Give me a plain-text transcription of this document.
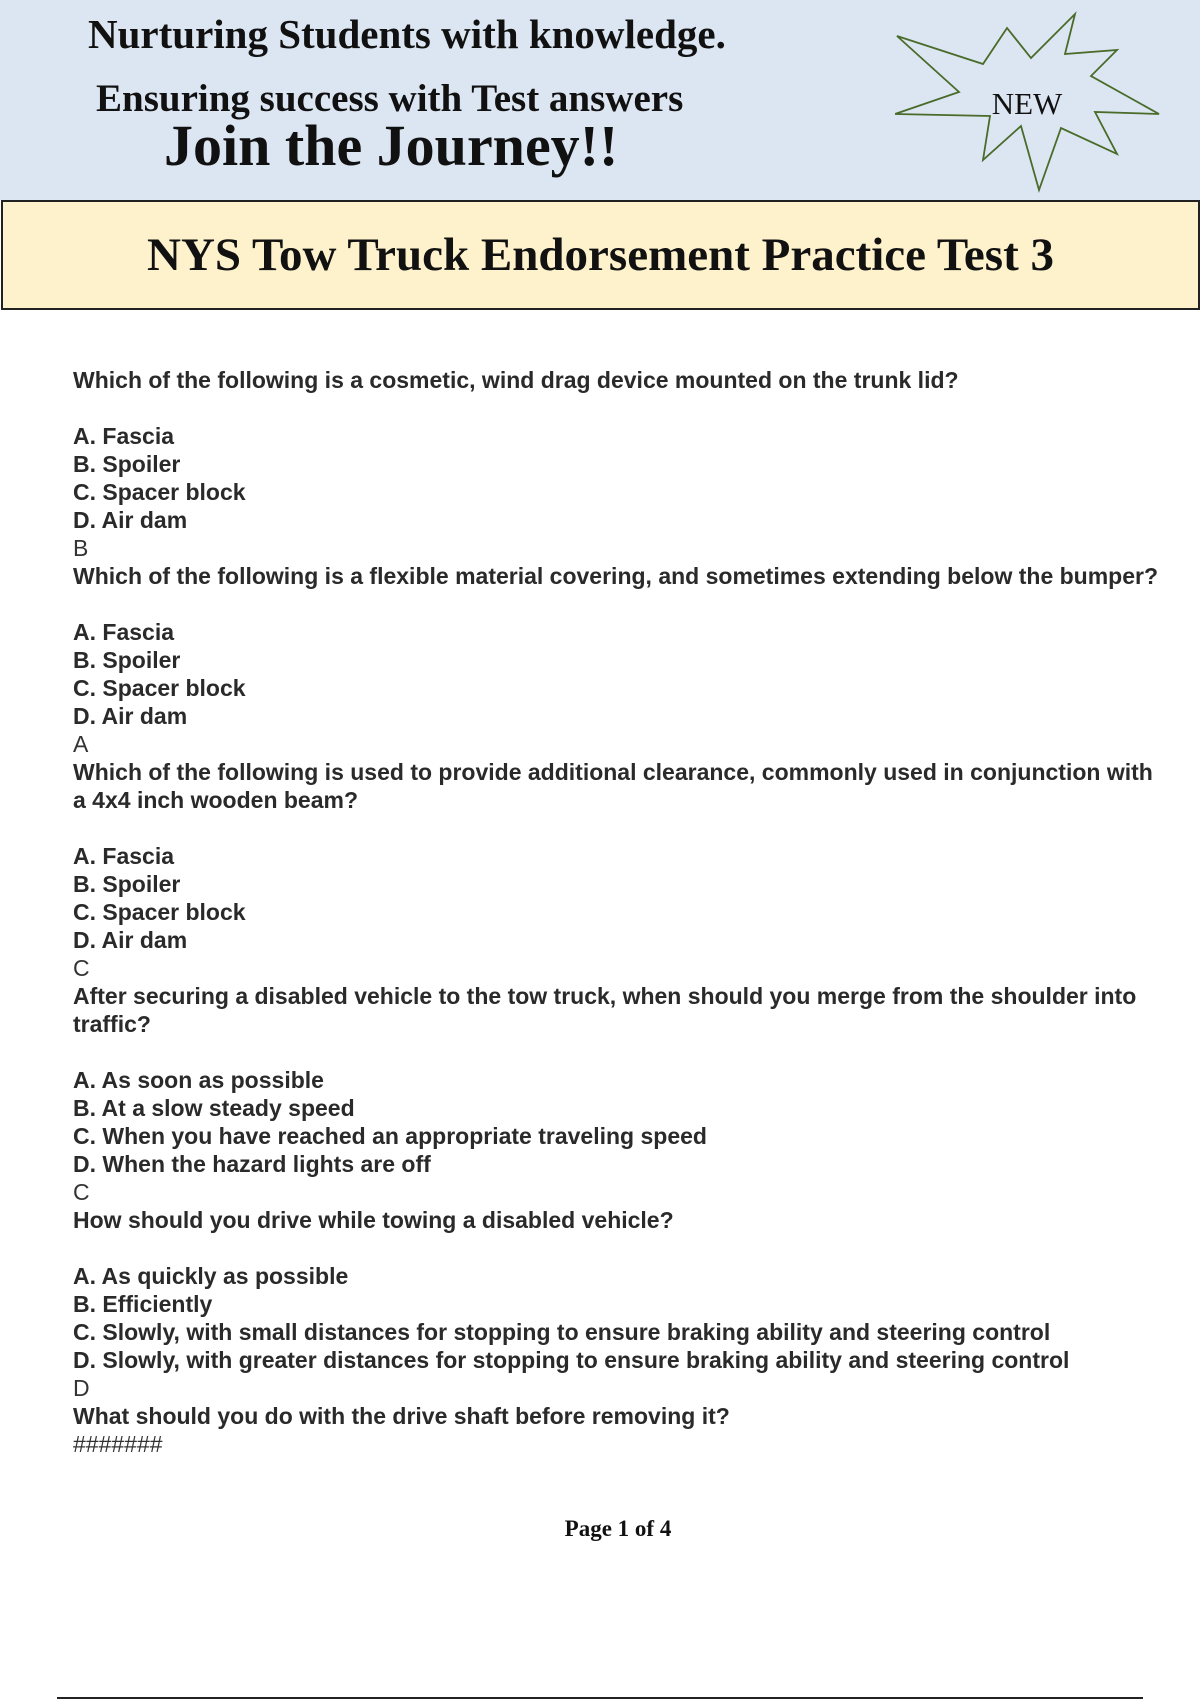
Nurturing Students with knowledge.
Ensuring success with Test answers
Join the Journey!!
NEW
NYS Tow Truck Endorsement Practice Test 3
Which of the following is a cosmetic, wind drag device mounted on the trunk lid?
A. Fascia
B. Spoiler
C. Spacer block
D. Air dam
B
Which of the following is a flexible material covering, and sometimes extending below the bumper?
A. Fascia
B. Spoiler
C. Spacer block
D. Air dam
A
Which of the following is used to provide additional clearance, commonly used in conjunction with a 4x4 inch wooden beam?
A. Fascia
B. Spoiler
C. Spacer block
D. Air dam
C
After securing a disabled vehicle to the tow truck, when should you merge from the shoulder into traffic?
A. As soon as possible
B. At a slow steady speed
C. When you have reached an appropriate traveling speed
D. When the hazard lights are off
C
How should you drive while towing a disabled vehicle?
A. As quickly as possible
B. Efficiently
C. Slowly, with small distances for stopping to ensure braking ability and steering control
D. Slowly, with greater distances for stopping to ensure braking ability and steering control
D
What should you do with the drive shaft before removing it?
#######
Page 1 of 4
